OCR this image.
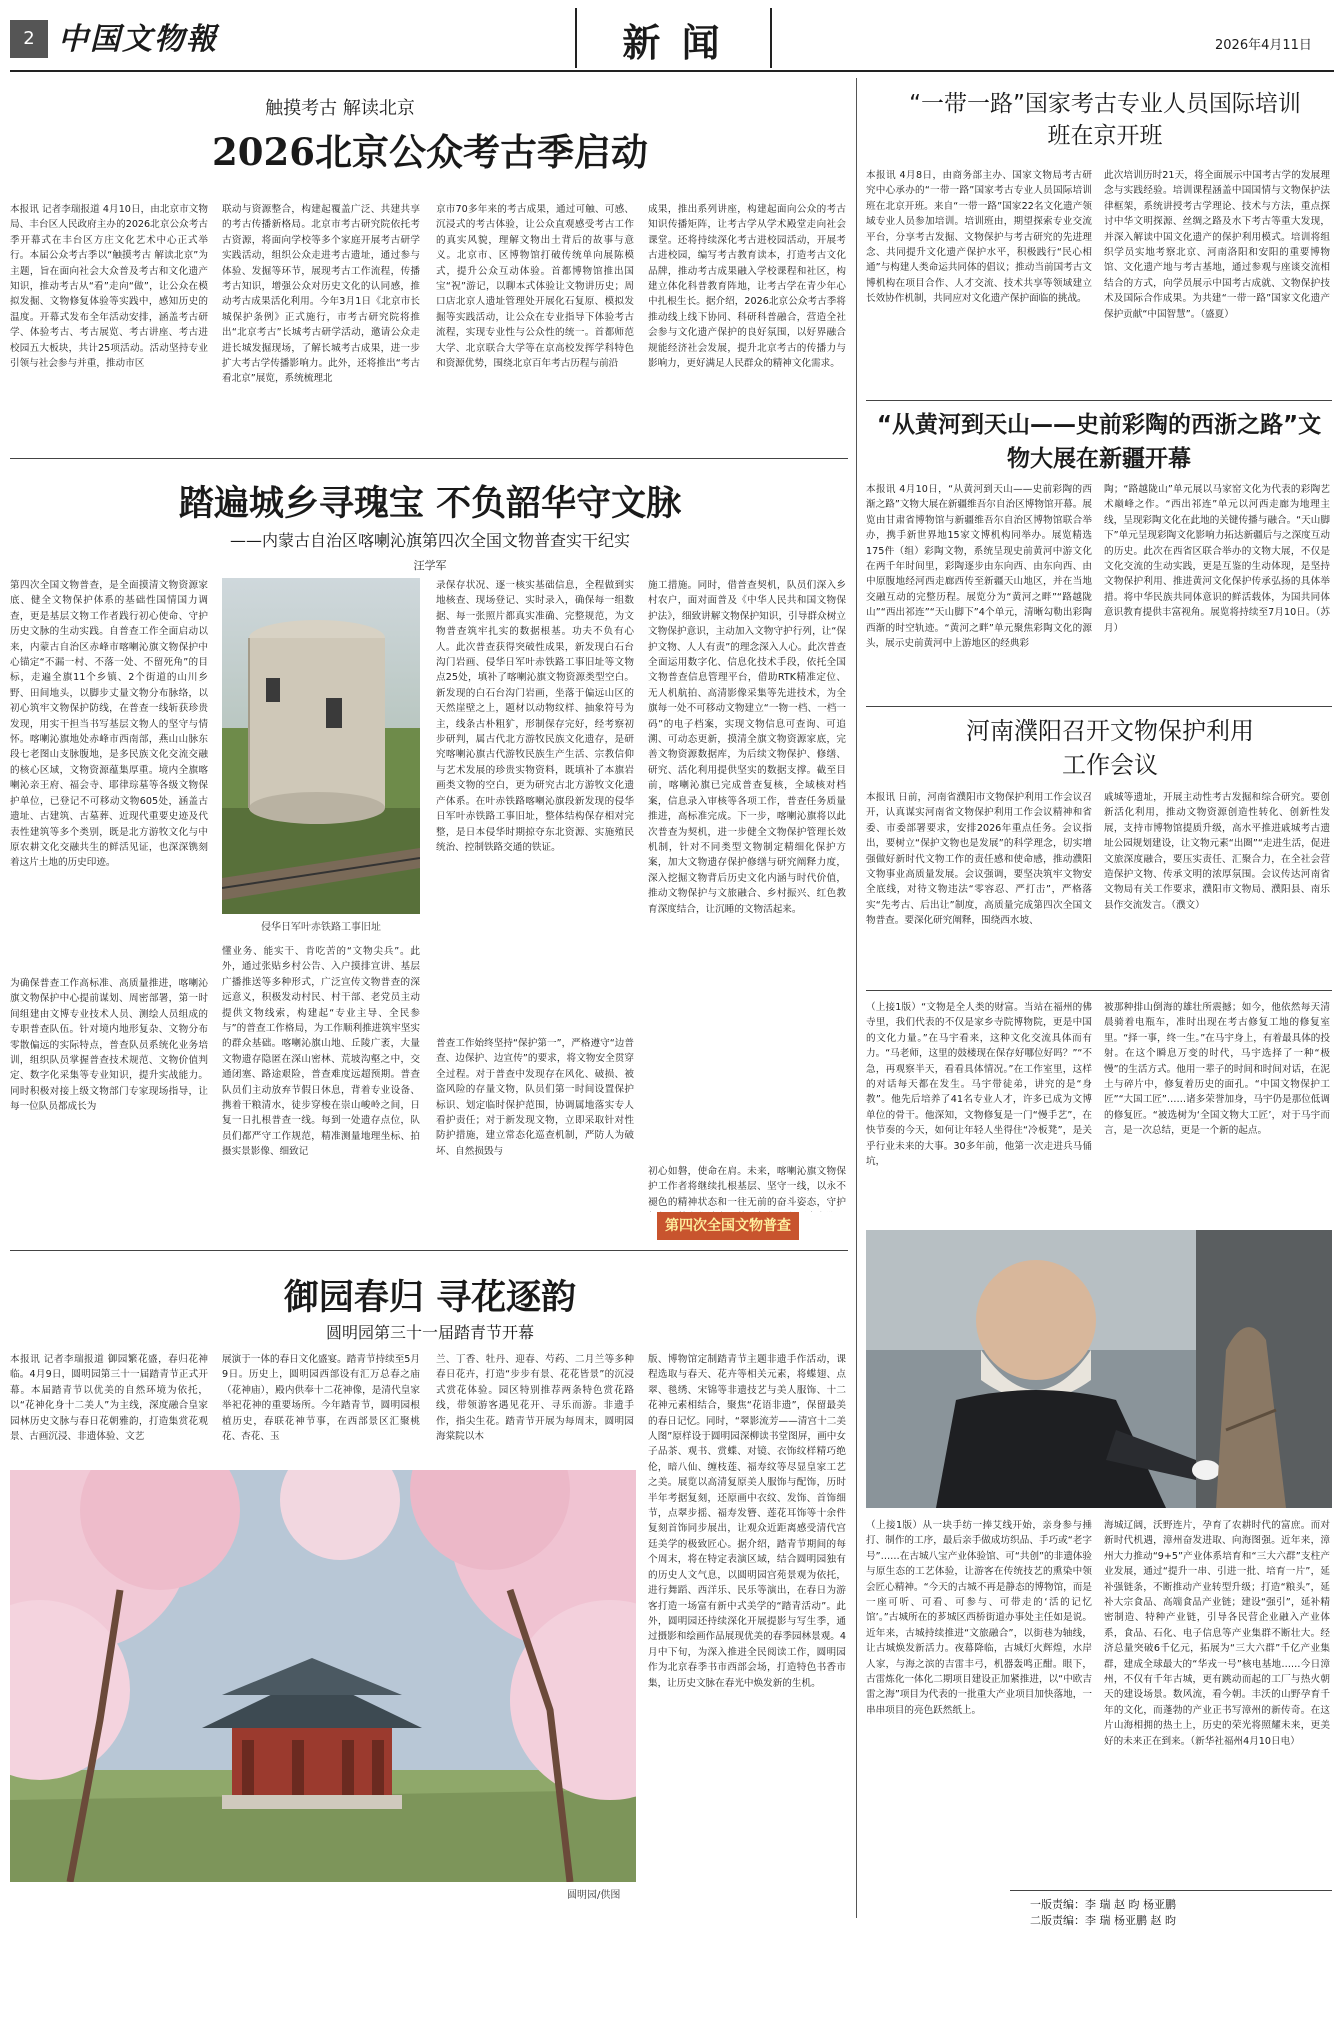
2 中国文物報	新 闻	2026年4月11日
触摸考古 解读北京
2026北京公众考古季启动
本报讯 记者李瑞报道 4月10日，由北京市文物局、丰台区人民政府主办的2026北京公众考古季开幕式在丰台区方庄文化艺术中心正式举行。本届公众考古季以“触摸考古 解读北京”为主题，旨在面向社会大众普及考古和文化遗产知识，推动考古从“看”走向“做”，让公众在模拟发掘、文物修复体验等实践中，感知历史的温度。开幕式发布全年活动安排，涵盖考古研学、体验考古、考古展览、考古讲座、考古进校园五大板块，共计25项活动。活动坚持专业引领与社会参与并重，推动市区
联动与资源整合，构建起覆盖广泛、共建共享的考古传播新格局。北京市考古研究院依托考古资源，将面向学校等多个家庭开展考古研学实践活动，组织公众走进考古遗址，通过参与体验、发掘等环节，展现考古工作流程，传播考古知识，增强公众对历史文化的认同感，推动考古成果活化利用。今年3月1日《北京市长城保护条例》正式施行，市考古研究院将推出“北京考古”长城考古研学活动，邀请公众走进长城发掘现场，了解长城考古成果，进一步扩大考古学传播影响力。此外，还将推出“考古看北京”展览，系统梳理北
京市70多年来的考古成果，通过可触、可感、沉浸式的考古体验，让公众直观感受考古工作的真实风貌，理解文物出土背后的故事与意义。北京市、区博物馆打破传统单向展陈模式，提升公众互动体验。首都博物馆推出国宝“祝”游记，以聊本式体验让文物讲历史；周口店北京人遗址管理处开展化石复原、模拟发掘等实践活动，让公众在专业指导下体验考古流程，实现专业性与公众性的统一。首都师范大学、北京联合大学等在京高校发挥学科特色和资源优势，围绕北京百年考古历程与前沿
成果，推出系列讲座，构建起面向公众的考古知识传播矩阵，让考古学从学术殿堂走向社会课堂。还将持续深化考古进校园活动，开展考古进校园，编写考古教育读本，打造考古文化品牌，推动考古成果融入学校课程和社区，构建立体化科普教育阵地，让考古学在青少年心中扎根生长。据介绍，2026北京公众考古季将推动线上线下协同、科研科普融合，营造全社会参与文化遗产保护的良好氛围，以好界融合规能经济社会发展，提升北京考古的传播力与影响力，更好满足人民群众的精神文化需求。
踏遍城乡寻瑰宝 不负韶华守文脉
——内蒙古自治区喀喇沁旗第四次全国文物普查实干纪实
汪学军
第四次全国文物普查，是全面摸清文物资源家底、健全文物保护体系的基础性国情国力调查，更是基层文物工作者践行初心使命、守护历史文脉的生动实践。自普查工作全面启动以来，内蒙古自治区赤峰市喀喇沁旗文物保护中心锚定“不漏一村、不落一处、不留死角”的目标，走遍全旗11个乡镇、2个街道的山川乡野、田间地头，以脚步丈量文物分布脉络，以初心筑牢文物保护防线，在普查一线斩获珍贵发现，用实干担当书写基层文物人的坚守与情怀。喀喇沁旗地处赤峰市西南部，燕山山脉东段七老图山支脉腹地，是多民族文化交流交融的核心区域，文物资源蕴集厚重。境内全旗喀喇沁亲王府、福会寺、耶律琮墓等各级文物保护单位，已登记不可移动文物605处，涵盖古遗址、古建筑、古墓葬、近现代重要史迹及代表性建筑等多个类别，既是北方游牧文化与中原农耕文化交融共生的鲜活见证，也深深镌刻着这片土地的历史印迹。
为确保普查工作高标准、高质量推进，喀喇沁旗文物保护中心提前谋划、周密部署，第一时间组建由文博专业技术人员、测绘人员组成的专职普查队伍。针对境内地形复杂、文物分布零散偏远的实际特点，普查队员系统化业务培训，组织队员掌握普查技术规范、文物价值判定、数字化采集等专业知识，提升实战能力。同时积极对接上级文物部门专家现场指导，让每一位队员都成长为
侵华日军叶赤铁路工事旧址
懂业务、能实干、肯吃苦的“文物尖兵”。此外，通过张贴乡村公告、入户摸排宣讲、基层广播推送等多种形式，广泛宣传文物普查的深远意义，积极发动村民、村干部、老党员主动提供文物线索，构建起“专业主导、全民参与”的普查工作格局，为工作顺利推进筑牢坚实的群众基础。喀喇沁旗山地、丘陵广袤，大量文物遗存隐匿在深山密林、荒坡沟壑之中，交通闭塞、路途艰险，普查难度远超预期。普查队员们主动放弃节假日休息，背着专业设备、携着干粮清水，徒步穿梭在崇山峻岭之间，日复一日扎根普查一线。每到一处遗存点位，队员们都严守工作规范，精准测量地理坐标、拍摄实景影像、细致记
录保存状况、逐一核实基础信息，全程做到实地核查、现场登记、实时录入，确保每一组数据、每一张照片都真实准确、完整规范，为文物普查筑牢扎实的数据根基。功夫不负有心人。此次普查获得突破性成果，新发现白石台沟门岩画、侵华日军叶赤铁路工事旧址等文物点25处，填补了喀喇沁旗文物资源类型空白。新发现的白石台沟门岩画，坐落于偏远山区的天然崖壁之上，题材以动物纹样、抽象符号为主，线条古朴粗犷，形制保存完好，经考察初步研判，属古代北方游牧民族文化遗存，是研究喀喇沁旗古代游牧民族生产生活、宗教信仰与艺术发展的珍贵实物资料，既填补了本旗岩画类文物的空白，更为研究古北方游牧文化遗产体系。在叶赤铁路喀喇沁旗段新发现的侵华日军叶赤铁路工事旧址，整体结构保存相对完整，是日本侵华时期掠夺东北资源、实施殖民统治、控制铁路交通的铁证。
普查工作始终坚持“保护第一”，严格遵守“边普查、边保护、边宣传”的要求，将文物安全贯穿全过程。对于普查中发现存在风化、破损、被盗风险的存量文物，队员们第一时间设置保护标识、划定临时保护范围，协调属地落实专人看护责任；对于新发现文物，立即采取针对性防护措施，建立常态化巡查机制，严防人为破坏、自然损毁与
施工措施。同时，借普查契机，队员们深入乡村农户，面对面普及《中华人民共和国文物保护法》，细致讲解文物保护知识，引导群众树立文物保护意识，主动加入文物守护行列，让“保护文物、人人有责”的理念深入人心。此次普查全面运用数字化、信息化技术手段，依托全国文物普查信息管理平台，借助RTK精准定位、无人机航拍、高清影像采集等先进技术，为全旗每一处不可移动文物建立“一物一档、一档一码”的电子档案，实现文物信息可查询、可追溯、可动态更新，摸清全旗文物资源家底，完善文物资源数据库，为后续文物保护、修缮、研究、活化利用提供坚实的数据支撑。截至目前，喀喇沁旗已完成普查复核，全域核对档案，信息录入审核等各项工作，普查任务质量推进，高标准完成。下一步，喀喇沁旗将以此次普查为契机，进一步健全文物保护管理长效机制，针对不同类型文物制定精细化保护方案，加大文物遗存保护修缮与研究阐释力度，深入挖掘文物背后历史文化内涵与时代价值，推动文物保护与文旅融合、乡村振兴、红色教育深度结合，让沉睡的文物活起来。
初心如磐，使命在肩。未来，喀喇沁旗文物保护工作者将继续扎根基层、坚守一线，以永不褪色的精神状态和一往无前的奋斗姿态，守护
第四次全国文物普查
御园春归 寻花逐韵
圆明园第三十一届踏青节开幕
本报讯 记者李瑞报道 御园繁花盛，春归花神临。4月9日，圆明园第三十一届踏青节正式开幕。本届踏青节以优美的自然环境为依托，以“花神化身十二美人”为主线，深度融合皇家园林历史文脉与春日花朝雅韵，打造集赏花观景、古画沉浸、非遗体验、文艺
展演于一体的春日文化盛宴。踏青节持续至5月9日。历史上，圆明园西部设有汇万总春之庙（花神庙），殿内供奉十二花神像，是清代皇家举祀花神的重要场所。今年踏青节，圆明园根植历史，春联花神节事，在西部景区汇聚桃花、杏花、玉
兰、丁香、牡丹、迎春、芍药、二月兰等多种春日花卉，打造“步步有景、花花皆景”的沉浸式赏花体验。园区特别推荐两条特色赏花路线，带领游客遇见花开、寻乐而游。非遗手作，指尖生花。踏青节开展为每周末，圆明园海棠院以木
版、博物馆定制踏青节主题非遗手作活动，课程选取与春天、花卉等相关元素，将蝶翅、点翠、毯绣、宋锦等非遗技艺与美人服饰、十二花神元素相结合，聚焦“花语非遗”，保留最美的春日记忆。同时，“翠影流芳——清宫十二美人图”原样设于圆明园深柳读书堂图屏，画中女子品茶、观书、赏蝶、对镜、衣饰纹样精巧绝伦，暗八仙、缠枝莲、福寿纹等尽显皇家工艺之美。展览以高清复原美人服饰与配饰，历时半年考据复刻，还原画中衣纹、发饰、首饰细节，点翠步摇、福寿发簪、莲花耳饰等十余件复刻首饰同步展出，让观众近距离感受清代宫廷美学的极致匠心。据介绍，踏青节期间的每个周末，将在特定表演区域，结合圆明园独有的历史人文气息，以圆明园宫苑景观为依托，进行舞蹈、西洋乐、民乐等演出，在春日为游客打造一场富有新中式美学的“踏青活动”。此外，圆明园还持续深化开展提影与写生季，通过摄影和绘画作品展现优美的春季园林景观。4月中下旬，为深入推进全民阅读工作，圆明园作为北京春季书市西部会场，打造特色书香市集，让历史文脉在春光中焕发新的生机。
圆明园/供图
“一带一路”国家考古专业人员国际培训班在京开班
本报讯 4月8日，由商务部主办、国家文物局考古研究中心承办的“一带一路”国家考古专业人员国际培训班在北京开班。来自“一带一路”国家22名文化遗产领域专业人员参加培训。培训班由，期望探索专业交流平台，分享考古发掘、文物保护与考古研究的先进理念、共同提升文化遗产保护水平，积极践行“民心相通”与构建人类命运共同体的倡议；推动当前国考古文博机构在项目合作、人才交流、技术共享等领域建立长效协作机制，共同应对文化遗产保护面临的挑战。
此次培训历时21天，将全面展示中国考古学的发展理念与实践经验。培训课程涵盖中国国情与文物保护法律框架，系统讲授考古学理论、技术与方法，重点探讨中华文明探源、丝绸之路及水下考古等重大发现，并深入解读中国文化遗产的保护利用模式。培训将组织学员实地考察北京、河南洛阳和安阳的重要博物馆、文化遗产地与考古基地，通过参观与座谈交流相结合的方式，向学员展示中国考古成就、文物保护技术及国际合作成果。为共建“一带一路”国家文化遗产保护贡献“中国智慧”。（盛夏）
“从黄河到天山——史前彩陶的西浙之路”文物大展在新疆开幕
本报讯 4月10日，“从黄河到天山——史前彩陶的西渐之路”文物大展在新疆维吾尔自治区博物馆开幕。展览由甘肃省博物馆与新疆维吾尔自治区博物馆联合举办，携手新世界地15家文博机构同举办。展览精选175件（组）彩陶文物，系统呈现史前黄河中游文化在两千年时间里，彩陶逐步由东向西、由东向西、由中原腹地经河西走廊西传至新疆天山地区，并在当地交融互动的完整历程。展览分为“黄河之畔”“路越陇山”“西出祁连”“天山脚下”4个单元，清晰勾勒出彩陶西渐的时空轨迹。“黄河之畔”单元聚焦彩陶文化的源头，展示史前黄河中上游地区的经典彩
陶；“路越陇山”单元展以马家窑文化为代表的彩陶艺术巅峰之作。“西出祁连”单元以河西走廊为地理主线，呈现彩陶文化在此地的关键传播与融合。“天山脚下”单元呈现彩陶文化影响力拓达新疆后与之深度互动的历史。此次在西省区联合举办的文物大展，不仅是文化交流的生动实践，更是互鉴的生动体现，是坚持文物保护利用、推进黄河文化保护传承弘扬的具体举措。将中华民族共同体意识的鲜活载体，为国共同体意识教育提供丰富视角。展览将持续至7月10日。（苏月）
河南濮阳召开文物保护利用工作会议
本报讯 日前，河南省濮阳市文物保护利用工作会议召开，认真谋实河南省文物保护利用工作会议精神和省委、市委部署要求，安排2026年重点任务。会议指出，要树立“保护文物也是发展”的科学理念，切实增强做好新时代文物工作的责任感和使命感，推动濮阳文物事业高质量发展。会议强调，要坚决筑牢文物安全底线，对待文物违法“零容忍、严打击”，严格落实“先考古、后出让”制度，高质量完成第四次全国文物普查。要深化研究阐释，围绕西水坡、
戚城等遗址，开展主动性考古发掘和综合研究。要创新活化利用，推动文物资源创造性转化、创新性发展，支持市博物馆提质升级，高水平推进戚城考古遗址公园规划建设，让文物元素“出圈”“走进生活，促进文旅深度融合，要压实责任、汇聚合力，在全社会营造保护文物、传承文明的浓厚氛围。会议传达河南省文物局有关工作要求，濮阳市文物局、濮阳县、南乐县作交流发言。（濮文）
（上接1版）“文物是全人类的财富。当站在福州的佛寺里，我们代表的不仅是家乡寺院博物院，更是中国的文化力量。”在马宇看来，这种文化交流具体而有力。“马老师，这里的鼓楼现在保存好哪位好吗？”“不急，再观察半天，看看具体情况。”在工作室里，这样的对话每天都在发生。马宇带徒弟，讲究的是“身教”。他先后培养了41名专业人才，许多已成为文博单位的骨干。他深知，文物修复是一门“慢手艺”，在快节奏的今天，如何让年轻人坐得住“冷板凳”，是关乎行业未来的大事。30多年前，他第一次走进兵马俑坑，
被那种排山倒海的雄壮所震撼；如今，他依然每天清晨骑着电瓶车，准时出现在考古修复工地的修复室里。“择一事，终一生。”在马宇身上，有着最具体的投射。在这个瞬息万变的时代，马宇选择了一种“极慢”的生活方式。他用一辈子的时间和时间对话，在泥土与碎片中，修复着历史的面孔。“中国文物保护工匠”“大国工匠”……诸多荣誉加身，马宇仍是那位低调的修复匠。“被选树为‘全国文物大工匠’，对于马宇而言，是一次总结，更是一个新的起点。
（上接1版）从一块手纺一捧艾线开始，亲身参与捶打、制作的工序，最后亲手做成坊织品、手巧或“老字号”……在古城八宝产业体验馆、可“共创”的非遗体验与原生态的工艺体验，让游客在传统技艺的熏染中领会匠心精神。“今天的古城不再是静态的博物馆，而是一座可听、可看、可参与、可带走的‘活的记忆馆’。”古城所在的芗城区西桥街道办事处主任如是说。近年来，古城持续推进“文旅融合”，以街巷为轴线，让古城焕发新活力。夜幕降临，古城灯火辉煌，水岸人家，与海之滨的吉雷丰弓，机器轰鸣正酣。眼下，古雷炼化一体化二期项目建设正加紧推进，以“中欧吉雷之海”项目为代表的一批重大产业项目加快落地，一串串项目的亮色跃然纸上。
海城辽阔，沃野连片，孕育了农耕时代的富庶。而对新时代机遇，漳州奋发进取、向海图强。近年来，漳州大力推动“9+5”产业体系培育和“三大六群”支柱产业发展，通过“提升一串、引进一批、培育一片”，延补强链条，不断推动产业转型升级；打造“粮头”，延补大宗食品、高端食品产业链；建设“强引”，延补精密制造、特种产业链，引导各民营企业融入产业体系，食品、石化、电子信息等产业集群不断壮大。经济总量突破6千亿元，拓展为“三大六群”千亿产业集群，建成全球最大的“华戎一号”核电基地……今日漳州，不仅有千年古城，更有跳动而起的工厂与热火朝天的建设场景。数风流，看今朝。丰沃的山野孕育千年的文化，而蓬勃的产业正书写漳州的新传奇。在这片山海相拥的热土上，历史的荣光将照耀未来，更美好的未来正在到来。（新华社福州4月10日电）
一版责编：李 瑞 赵 昀 杨亚鹏
二版责编：李 瑞 杨亚鹏 赵 昀
